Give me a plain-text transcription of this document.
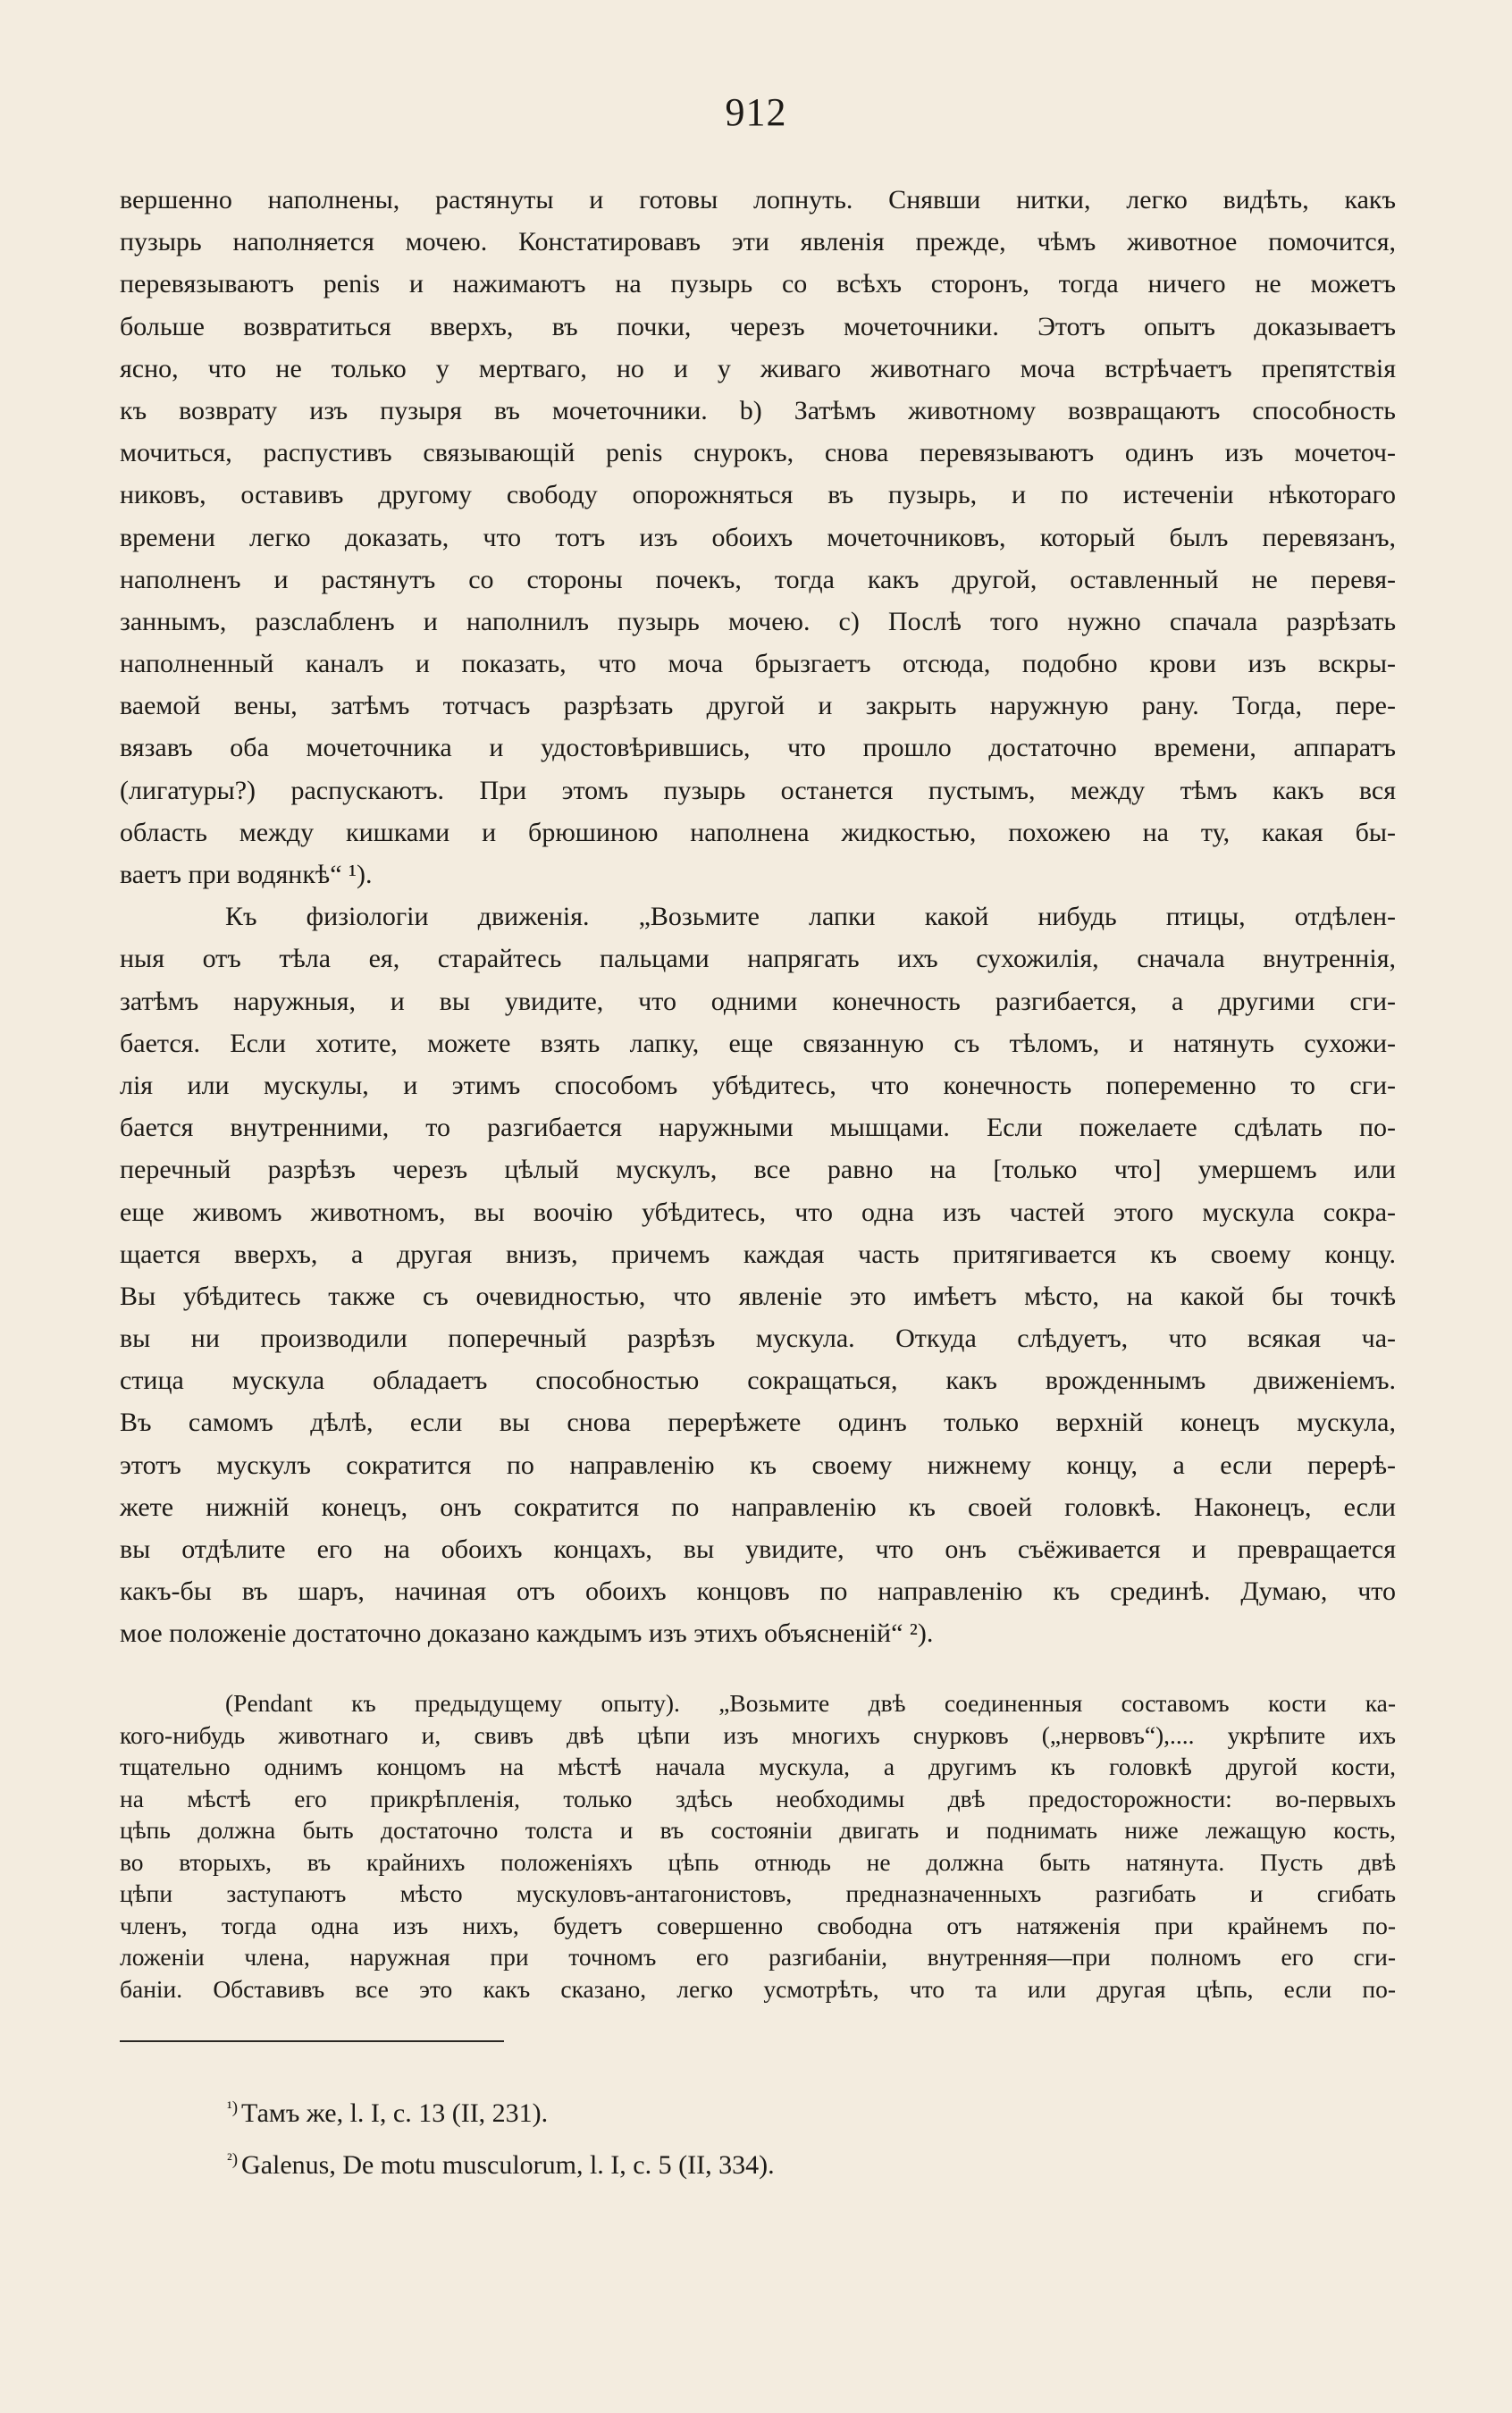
912
вершенно наполнены, растянуты и готовы лопнуть. Снявши нитки, легко видѣть, какъ
пузырь наполняется мочею. Констатировавъ эти явленія прежде, чѣмъ животное помочится,
перевязываютъ penis и нажимаютъ на пузырь со всѣхъ сторонъ, тогда ничего не можетъ
больше возвратиться вверхъ, въ почки, черезъ мочеточники. Этотъ опытъ доказываетъ
ясно, что не только у мертваго, но и у живаго животнаго моча встрѣчаетъ препятствія
къ возврату изъ пузыря въ мочеточники. b) Затѣмъ животному возвращаютъ способность
мочиться, распустивъ связывающій penis снурокъ, снова перевязываютъ одинъ изъ мочеточ-
никовъ, оставивъ другому свободу опорожняться въ пузырь, и по истеченіи нѣкотораго
времени легко доказать, что тотъ изъ обоихъ мочеточниковъ, который былъ перевязанъ,
наполненъ и растянутъ со стороны почекъ, тогда какъ другой, оставленный не перевя-
заннымъ, разслабленъ и наполнилъ пузырь мочею. c) Послѣ того нужно спачала разрѣзать
наполненный каналъ и показать, что моча брызгаетъ отсюда, подобно крови изъ вскры-
ваемой вены, затѣмъ тотчасъ разрѣзать другой и закрыть наружную рану. Тогда, пере-
вязавъ оба мочеточника и удостовѣрившись, что прошло достаточно времени, аппаратъ
(лигатуры?) распускаютъ. При этомъ пузырь останется пустымъ, между тѣмъ какъ вся
область между кишками и брюшиною наполнена жидкостью, похожею на ту, какая бы-
ваетъ при водянкѣ“ ¹).
Къ физіологіи движенія. „Возьмите лапки какой нибудь птицы, отдѣлен-
ныя отъ тѣла ея, старайтесь пальцами напрягать ихъ сухожилія, сначала внутреннія,
затѣмъ наружныя, и вы увидите, что одними конечность разгибается, а другими сги-
бается. Если хотите, можете взять лапку, еще связанную съ тѣломъ, и натянуть сухожи-
лія или мускулы, и этимъ способомъ убѣдитесь, что конечность попеременно то сги-
бается внутренними, то разгибается наружными мышцами. Если пожелаете сдѣлать по-
перечный разрѣзъ черезъ цѣлый мускулъ, все равно на [только что] умершемъ или
еще живомъ животномъ, вы воочію убѣдитесь, что одна изъ частей этого мускула сокра-
щается вверхъ, а другая внизъ, причемъ каждая часть притягивается къ своему концу.
Вы убѣдитесь также съ очевидностью, что явленіе это имѣетъ мѣсто, на какой бы точкѣ
вы ни производили поперечный разрѣзъ мускула. Откуда слѣдуетъ, что всякая ча-
стица мускула обладаетъ способностью сокращаться, какъ врожденнымъ движеніемъ.
Въ самомъ дѣлѣ, если вы снова перерѣжете одинъ только верхній конецъ мускула,
этотъ мускулъ сократится по направленію къ своему нижнему концу, а если перерѣ-
жете нижній конецъ, онъ сократится по направленію къ своей головкѣ. Наконецъ, если
вы отдѣлите его на обоихъ концахъ, вы увидите, что онъ съёживается и превращается
какъ-бы въ шаръ, начиная отъ обоихъ концовъ по направленію къ срединѣ. Думаю, что
мое положеніе достаточно доказано каждымъ изъ этихъ объясненій“ ²).
(Pendant къ предыдущему опыту). „Возьмите двѣ соединенныя составомъ кости ка-
кого-нибудь животнаго и, свивъ двѣ цѣпи изъ многихъ снурковъ („нервовъ“),.... укрѣпите ихъ
тщательно однимъ концомъ на мѣстѣ начала мускула, а другимъ къ головкѣ другой кости,
на мѣстѣ его прикрѣпленія, только здѣсь необходимы двѣ предосторожности: во-первыхъ
цѣпь должна быть достаточно толста и въ состояніи двигать и поднимать ниже лежащую кость,
во вторыхъ, въ крайнихъ положеніяхъ цѣпь отнюдь не должна быть натянута. Пусть двѣ
цѣпи заступаютъ мѣсто мускуловъ-антагонистовъ, предназначенныхъ разгибать и сгибать
членъ, тогда одна изъ нихъ, будетъ совершенно свободна отъ натяженія при крайнемъ по-
ложеніи члена, наружная при точномъ его разгибаніи, внутренняя—при полномъ его сги-
баніи. Обставивъ все это какъ сказано, легко усмотрѣть, что та или другая цѣпь, если по-
$^{^1)}$ Тамъ же, l. I, c. 13 (II, 231).
$^{^2)}$ Galenus, De motu musculorum, l. I, c. 5 (II, 334).
